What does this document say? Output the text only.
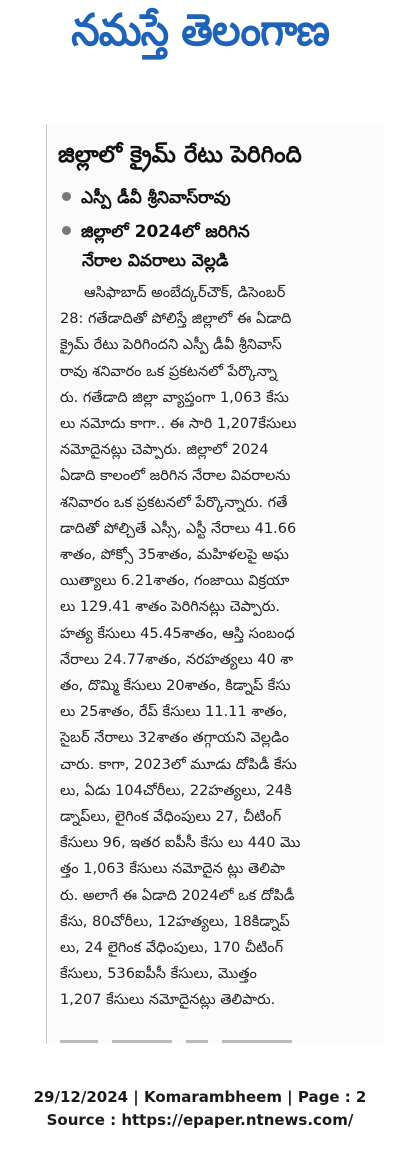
నమస్తే తెలంగాణ
జిల్లాలో క్రైమ్ రేటు పెరిగింది
ఎస్పీ డీవీ శ్రీనివాస్‌రావు
జిల్లాలో 2024లో జరిగిన
నేరాల వివరాలు వెల్లడి
ఆసిఫాబాద్ అంబేద్కర్‌చౌక్, డిసెంబర్
28: గతేడాదితో పోలిస్తే జిల్లాలో ఈ ఏడాది
క్రైమ్ రేటు పెరిగిందని ఎస్పీ డీవీ శ్రీనివాస్
రావు శనివారం ఒక ప్రకటనలో పేర్కొన్నా
రు. గతేడాది జిల్లా వ్యాప్తంగా 1,063 కేసు
లు నమోదు కాగా.. ఈ సారి 1,207కేసులు
నమోదైనట్లు చెప్పారు. జిల్లాలో 2024
ఏడాది కాలంలో జరిగిన నేరాల వివరాలను
శనివారం ఒక ప్రకటనలో పేర్కొన్నారు. గతే
డాదితో పోల్చితే ఎస్సీ, ఎస్టీ నేరాలు 41.66
శాతం, పోక్సో 35శాతం, మహిళలపై అఘ
యిత్యాలు 6.21శాతం, గంజాయి విక్రయా
లు 129.41 శాతం పెరిగినట్లు చెప్పారు.
హత్య కేసులు 45.45శాతం, ఆస్తి సంబంధ
నేరాలు 24.77శాతం, నరహత్యలు 40 శా
తం, దొమ్మి కేసులు 20శాతం, కిడ్నాప్ కేసు
లు 25శాతం, రేప్ కేసులు 11.11 శాతం,
సైబర్ నేరాలు 32శాతం తగ్గాయని వెల్లడిం
చారు. కాగా, 2023లో మూడు దోపిడీ కేసు
లు, ఏడు 104చోరీలు, 22హత్యలు, 24కి
డ్నాప్‌లు, లైగింక వేధింపులు 27, చీటింగ్
కేసులు 96, ఇతర ఐపీసీ కేసు లు 440 మొ
త్తం 1,063 కేసులు నమోదైన ట్లు తెలిపా
రు. అలాగే ఈ ఏడాది 2024లో ఒక దోపిడీ
కేసు, 80చోరీలు, 12హత్యలు, 18కిడ్నాప్
లు, 24 లైగింక వేధింపులు, 170 చీటింగ్
కేసులు, 536ఐపీసీ కేసులు, మొత్తం
1,207 కేసులు నమోదైనట్లు తెలిపారు.
29/12/2024 | Komarambheem | Page : 2
Source : https://epaper.ntnews.com/
